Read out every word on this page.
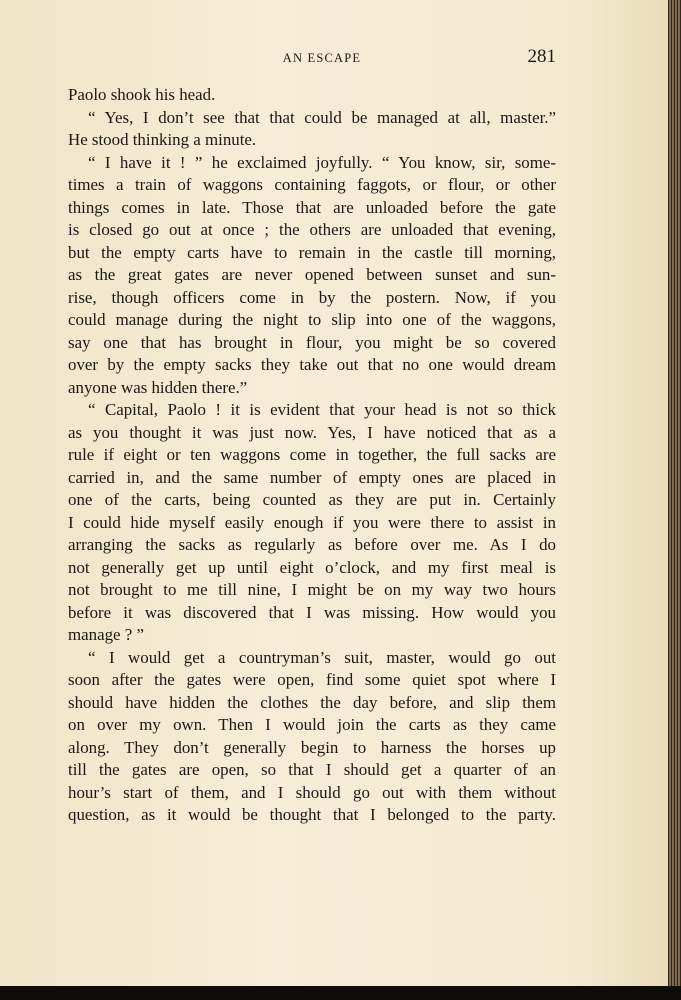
AN ESCAPE	281
Paolo shook his head.
“ Yes, I don’t see that that could be managed at all, master.”
He stood thinking a minute.
“ I have it ! ” he exclaimed joyfully. “ You know, sir, some-
times a train of waggons containing faggots, or flour, or other
things comes in late. Those that are unloaded before the gate
is closed go out at once ; the others are unloaded that evening,
but the empty carts have to remain in the castle till morning,
as the great gates are never opened between sunset and sun-
rise, though officers come in by the postern. Now, if you
could manage during the night to slip into one of the waggons,
say one that has brought in flour, you might be so covered
over by the empty sacks they take out that no one would dream
anyone was hidden there.”
“ Capital, Paolo ! it is evident that your head is not so thick
as you thought it was just now. Yes, I have noticed that as a
rule if eight or ten waggons come in together, the full sacks are
carried in, and the same number of empty ones are placed in
one of the carts, being counted as they are put in. Certainly
I could hide myself easily enough if you were there to assist in
arranging the sacks as regularly as before over me. As I do
not generally get up until eight o’clock, and my first meal is
not brought to me till nine, I might be on my way two hours
before it was discovered that I was missing. How would you
manage ? ”
“ I would get a countryman’s suit, master, would go out
soon after the gates were open, find some quiet spot where I
should have hidden the clothes the day before, and slip them
on over my own. Then I would join the carts as they came
along. They don’t generally begin to harness the horses up
till the gates are open, so that I should get a quarter of an
hour’s start of them, and I should go out with them without
question, as it would be thought that I belonged to the party.
